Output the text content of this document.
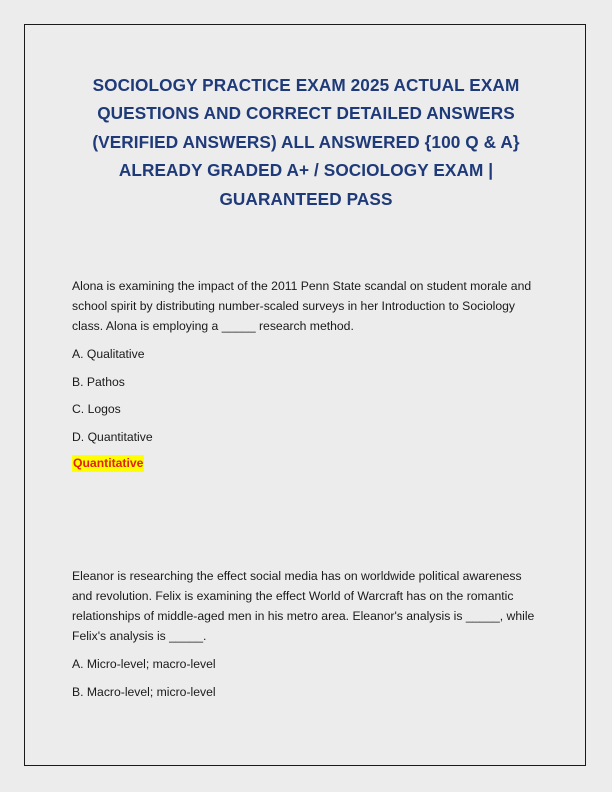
SOCIOLOGY PRACTICE EXAM 2025 ACTUAL EXAM QUESTIONS AND CORRECT DETAILED ANSWERS (VERIFIED ANSWERS) ALL ANSWERED {100 Q & A} ALREADY GRADED A+ / SOCIOLOGY EXAM | GUARANTEED PASS

Alona is examining the impact of the 2011 Penn State scandal on student morale and school spirit by distributing number-scaled surveys in her Introduction to Sociology class. Alona is employing a _____ research method.

A. Qualitative
B. Pathos
C. Logos
D. Quantitative
Quantitative

Eleanor is researching the effect social media has on worldwide political awareness and revolution. Felix is examining the effect World of Warcraft has on the romantic relationships of middle-aged men in his metro area. Eleanor's analysis is _____, while Felix's analysis is _____.

A. Micro-level; macro-level
B. Macro-level; micro-level
